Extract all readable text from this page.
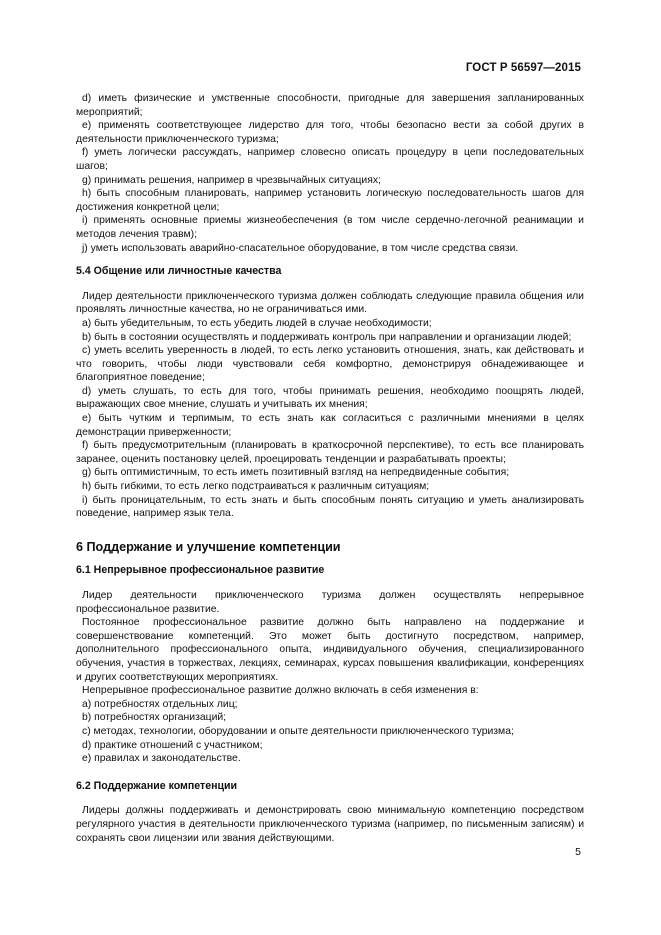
ГОСТ Р 56597—2015

d) иметь физические и умственные способности, пригодные для завершения запланированных мероприятий;

e) применять соответствующее лидерство для того, чтобы безопасно вести за собой других в деятельности приключенческого туризма;

f) уметь логически рассуждать, например словесно описать процедуру в цепи последовательных шагов;

g) принимать решения, например в чрезвычайных ситуациях;

h) быть способным планировать, например установить логическую последовательность шагов для достижения конкретной цели;

i) применять основные приемы жизнеобеспечения (в том числе сердечно-легочной реанимации и методов лечения травм);

j) уметь использовать аварийно-спасательное оборудование, в том числе средства связи.

5.4 Общение или личностные качества

Лидер деятельности приключенческого туризма должен соблюдать следующие правила общения или проявлять личностные качества, но не ограничиваться ими.

a) быть убедительным, то есть убедить людей в случае необходимости;

b) быть в состоянии осуществлять и поддерживать контроль при направлении и организации людей;

c) уметь вселить уверенность в людей, то есть легко установить отношения, знать, как действовать и что говорить, чтобы люди чувствовали себя комфортно, демонстрируя обнадеживающее и благоприятное поведение;

d) уметь слушать, то есть для того, чтобы принимать решения, необходимо поощрять людей, выражающих свое мнение, слушать и учитывать их мнения;

e) быть чутким и терпимым, то есть знать как согласиться с различными мнениями в целях демонстрации приверженности;

f) быть предусмотрительным (планировать в краткосрочной перспективе), то есть все планировать заранее, оценить постановку целей, проецировать тенденции и разрабатывать проекты;

g) быть оптимистичным, то есть иметь позитивный взгляд на непредвиденные события;

h) быть гибкими, то есть легко подстраиваться к различным ситуациям;

i) быть проницательным, то есть знать и быть способным понять ситуацию и уметь анализировать поведение, например язык тела.

6 Поддержание и улучшение компетенции
6.1 Непрерывное профессиональное развитие

Лидер деятельности приключенческого туризма должен осуществлять непрерывное профессиональное развитие.

Постоянное профессиональное развитие должно быть направлено на поддержание и совершенствование компетенций. Это может быть достигнуто посредством, например, дополнительного профессионального опыта, индивидуального обучения, специализированного обучения, участия в торжествах, лекциях, семинарах, курсах повышения квалификации, конференциях и других соответствующих мероприятиях.

Непрерывное профессиональное развитие должно включать в себя изменения в:

a) потребностях отдельных лиц;

b) потребностях организаций;

c) методах, технологии, оборудовании и опыте деятельности приключенческого туризма;

d) практике отношений с участником;

e) правилах и законодательстве.

6.2 Поддержание компетенции

Лидеры должны поддерживать и демонстрировать свою минимальную компетенцию посредством регулярного участия в деятельности приключенческого туризма (например, по письменным записям) и сохранять свои лицензии или звания действующими.

5
